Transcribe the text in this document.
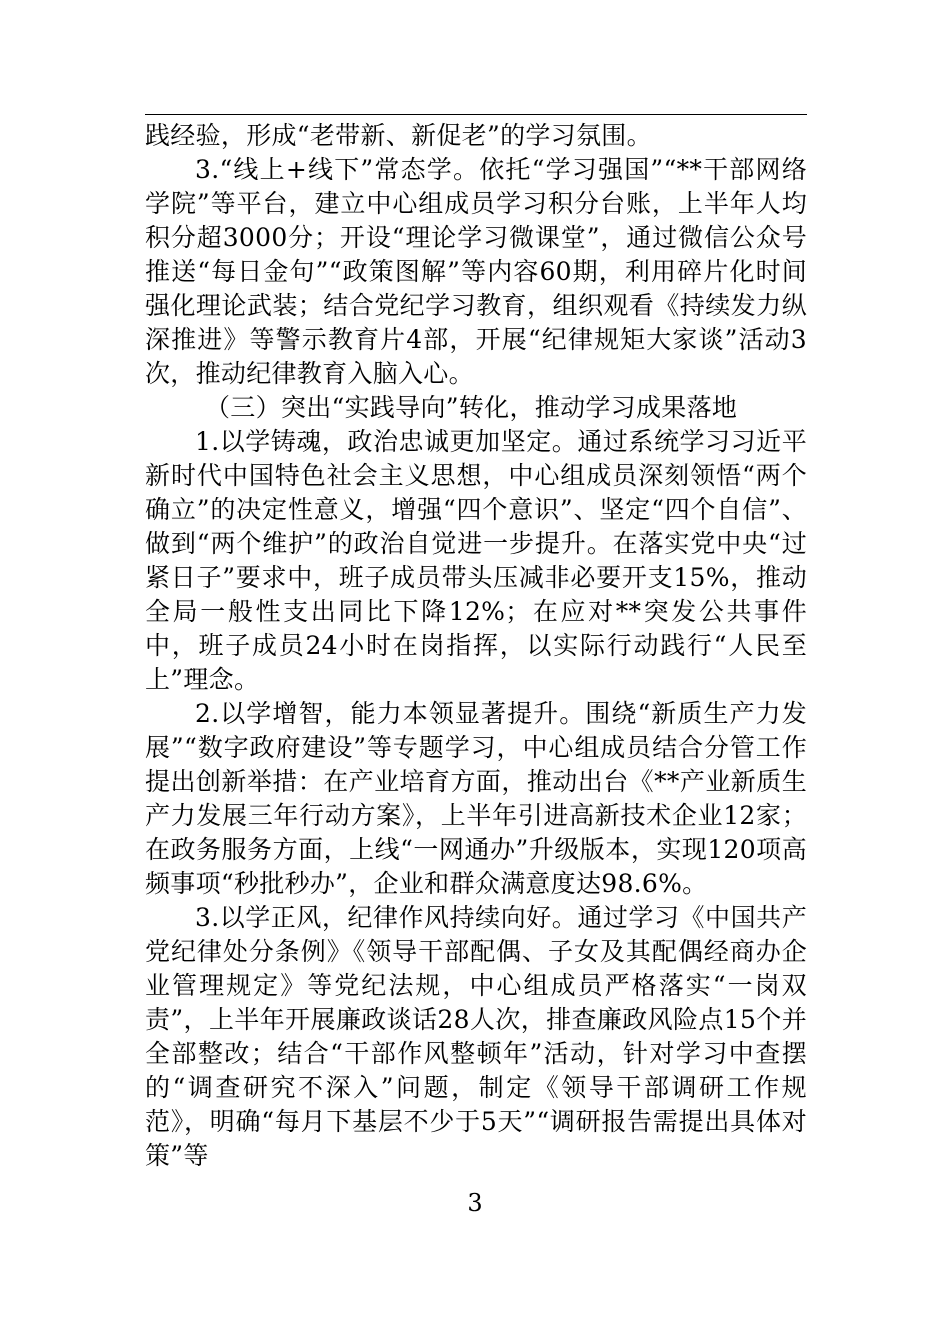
践经验，形成“老带新、新促老”的学习氛围。

3.“线上+线下”常态学。依托“学习强国”“**干部网络学院”等平台，建立中心组成员学习积分台账，上半年人均积分超3000分；开设“理论学习微课堂”，通过微信公众号推送“每日金句”“政策图解”等内容60期，利用碎片化时间强化理论武装；结合党纪学习教育，组织观看《持续发力纵深推进》等警示教育片4部，开展“纪律规矩大家谈”活动3次，推动纪律教育入脑入心。

（三）突出“实践导向”转化，推动学习成果落地

1.以学铸魂，政治忠诚更加坚定。通过系统学习习近平新时代中国特色社会主义思想，中心组成员深刻领悟“两个确立”的决定性意义，增强“四个意识”、坚定“四个自信”、做到“两个维护”的政治自觉进一步提升。在落实党中央“过紧日子”要求中，班子成员带头压减非必要开支15%，推动全局一般性支出同比下降12%；在应对**突发公共事件中，班子成员24小时在岗指挥，以实际行动践行“人民至上”理念。

2.以学增智，能力本领显著提升。围绕“新质生产力发展”“数字政府建设”等专题学习，中心组成员结合分管工作提出创新举措：在产业培育方面，推动出台《**产业新质生产力发展三年行动方案》，上半年引进高新技术企业12家；在政务服务方面，上线“一网通办”升级版本，实现120项高频事项“秒批秒办”，企业和群众满意度达98.6%。

3.以学正风，纪律作风持续向好。通过学习《中国共产党纪律处分条例》《领导干部配偶、子女及其配偶经商办企业管理规定》等党纪法规，中心组成员严格落实“一岗双责”，上半年开展廉政谈话28人次，排查廉政风险点15个并全部整改；结合“干部作风整顿年”活动，针对学习中查摆的“调查研究不深入”问题，制定《领导干部调研工作规范》，明确“每月下基层不少于5天”“调研报告需提出具体对策”等

3
